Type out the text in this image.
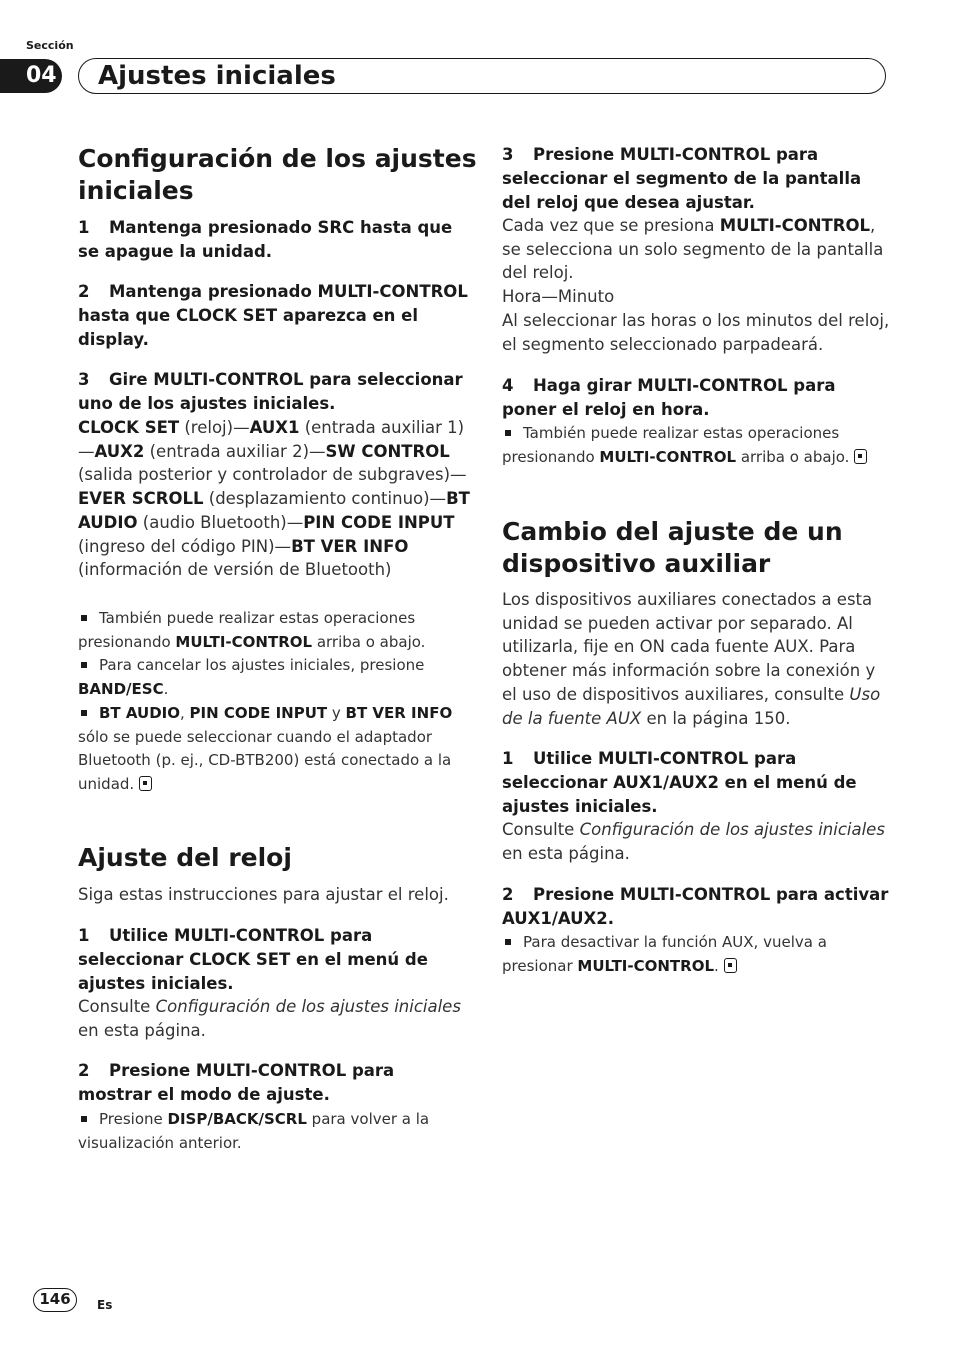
Sección
04 Ajustes iniciales
Configuración de los ajustes iniciales

1 Mantenga presionado SRC hasta que se apague la unidad.

2 Mantenga presionado MULTI-CONTROL hasta que CLOCK SET aparezca en el display.

3 Gire MULTI-CONTROL para seleccionar uno de los ajustes iniciales.

CLOCK SET (reloj)—AUX1 (entrada auxiliar 1)—AUX2 (entrada auxiliar 2)—SW CONTROL (salida posterior y controlador de subgraves)—EVER SCROLL (desplazamiento continuo)—BT AUDIO (audio Bluetooth)—PIN CODE INPUT (ingreso del código PIN)—BT VER INFO (información de versión de Bluetooth)

También puede realizar estas operaciones presionando MULTI-CONTROL arriba o abajo.

Para cancelar los ajustes iniciales, presione BAND/ESC.

BT AUDIO, PIN CODE INPUT y BT VER INFO sólo se puede seleccionar cuando el adaptador Bluetooth (p. ej., CD-BTB200) está conectado a la unidad.

Ajuste del reloj

Siga estas instrucciones para ajustar el reloj.

1 Utilice MULTI-CONTROL para seleccionar CLOCK SET en el menú de ajustes iniciales.

Consulte Configuración de los ajustes iniciales en esta página.

2 Presione MULTI-CONTROL para mostrar el modo de ajuste.

Presione DISP/BACK/SCRL para volver a la visualización anterior.

3 Presione MULTI-CONTROL para seleccionar el segmento de la pantalla del reloj que desea ajustar.

Cada vez que se presiona MULTI-CONTROL, se selecciona un solo segmento de la pantalla del reloj.

Hora—Minuto

Al seleccionar las horas o los minutos del reloj, el segmento seleccionado parpadeará.

4 Haga girar MULTI-CONTROL para poner el reloj en hora.

También puede realizar estas operaciones presionando MULTI-CONTROL arriba o abajo.

Cambio del ajuste de un dispositivo auxiliar

Los dispositivos auxiliares conectados a esta unidad se pueden activar por separado. Al utilizarla, fije en ON cada fuente AUX. Para obtener más información sobre la conexión y el uso de dispositivos auxiliares, consulte Uso de la fuente AUX en la página 150.

1 Utilice MULTI-CONTROL para seleccionar AUX1/AUX2 en el menú de ajustes iniciales.

Consulte Configuración de los ajustes iniciales en esta página.

2 Presione MULTI-CONTROL para activar AUX1/AUX2.

Para desactivar la función AUX, vuelva a presionar MULTI-CONTROL.

146	Es
